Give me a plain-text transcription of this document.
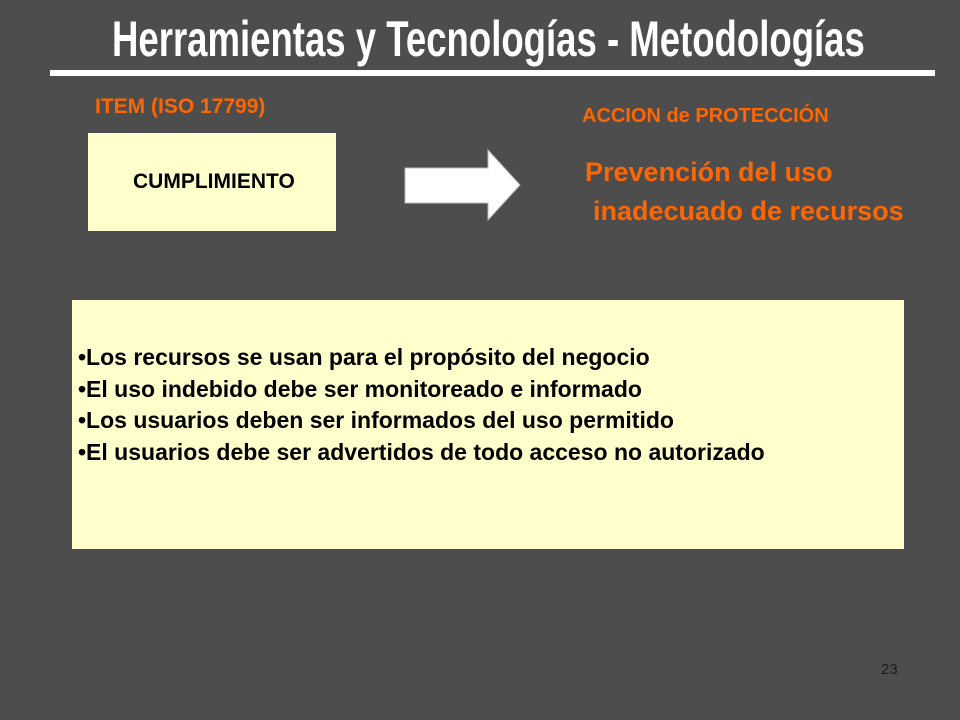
Herramientas y Tecnologías - Metodologías
ITEM (ISO 17799)	ACCION de PROTECCIÓN
CUMPLIMIENTO	Prevención del uso
inadecuado de recursos
•Los recursos se usan para el propósito del negocio
•El uso indebido debe ser monitoreado e informado
•Los usuarios deben ser informados del uso permitido
•El usuarios debe ser advertidos de todo acceso no autorizado
23
